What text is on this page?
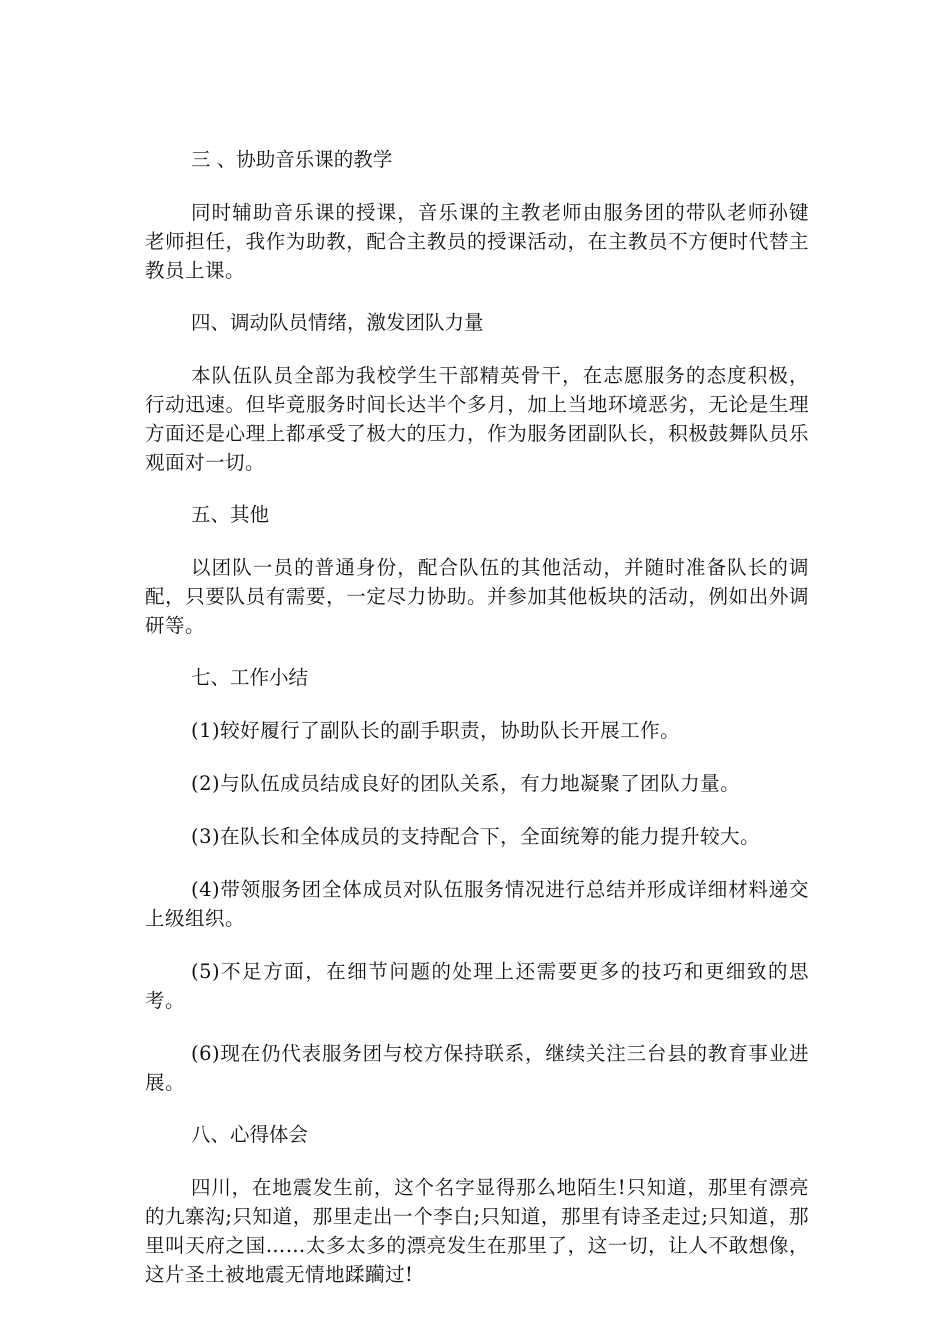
三 、协助音乐课的教学

同时辅助音乐课的授课，音乐课的主教老师由服务团的带队老师孙键老师担任，我作为助教，配合主教员的授课活动，在主教员不方便时代替主教员上课。

四、调动队员情绪，激发团队力量

本队伍队员全部为我校学生干部精英骨干，在志愿服务的态度积极，行动迅速。但毕竟服务时间长达半个多月，加上当地环境恶劣，无论是生理方面还是心理上都承受了极大的压力，作为服务团副队长，积极鼓舞队员乐观面对一切。

五、其他

以团队一员的普通身份，配合队伍的其他活动，并随时准备队长的调配，只要队员有需要，一定尽力协助。并参加其他板块的活动，例如出外调研等。

七、工作小结

(1)较好履行了副队长的副手职责，协助队长开展工作。

(2)与队伍成员结成良好的团队关系，有力地凝聚了团队力量。

(3)在队长和全体成员的支持配合下，全面统筹的能力提升较大。

(4)带领服务团全体成员对队伍服务情况进行总结并形成详细材料递交上级组织。

(5)不足方面，在细节问题的处理上还需要更多的技巧和更细致的思考。

(6)现在仍代表服务团与校方保持联系，继续关注三台县的教育事业进展。

八、心得体会

四川，在地震发生前，这个名字显得那么地陌生!只知道，那里有漂亮的九寨沟;只知道，那里走出一个李白;只知道，那里有诗圣走过;只知道，那里叫天府之国……太多太多的漂亮发生在那里了，这一切，让人不敢想像，这片圣土被地震无情地蹂躏过!
